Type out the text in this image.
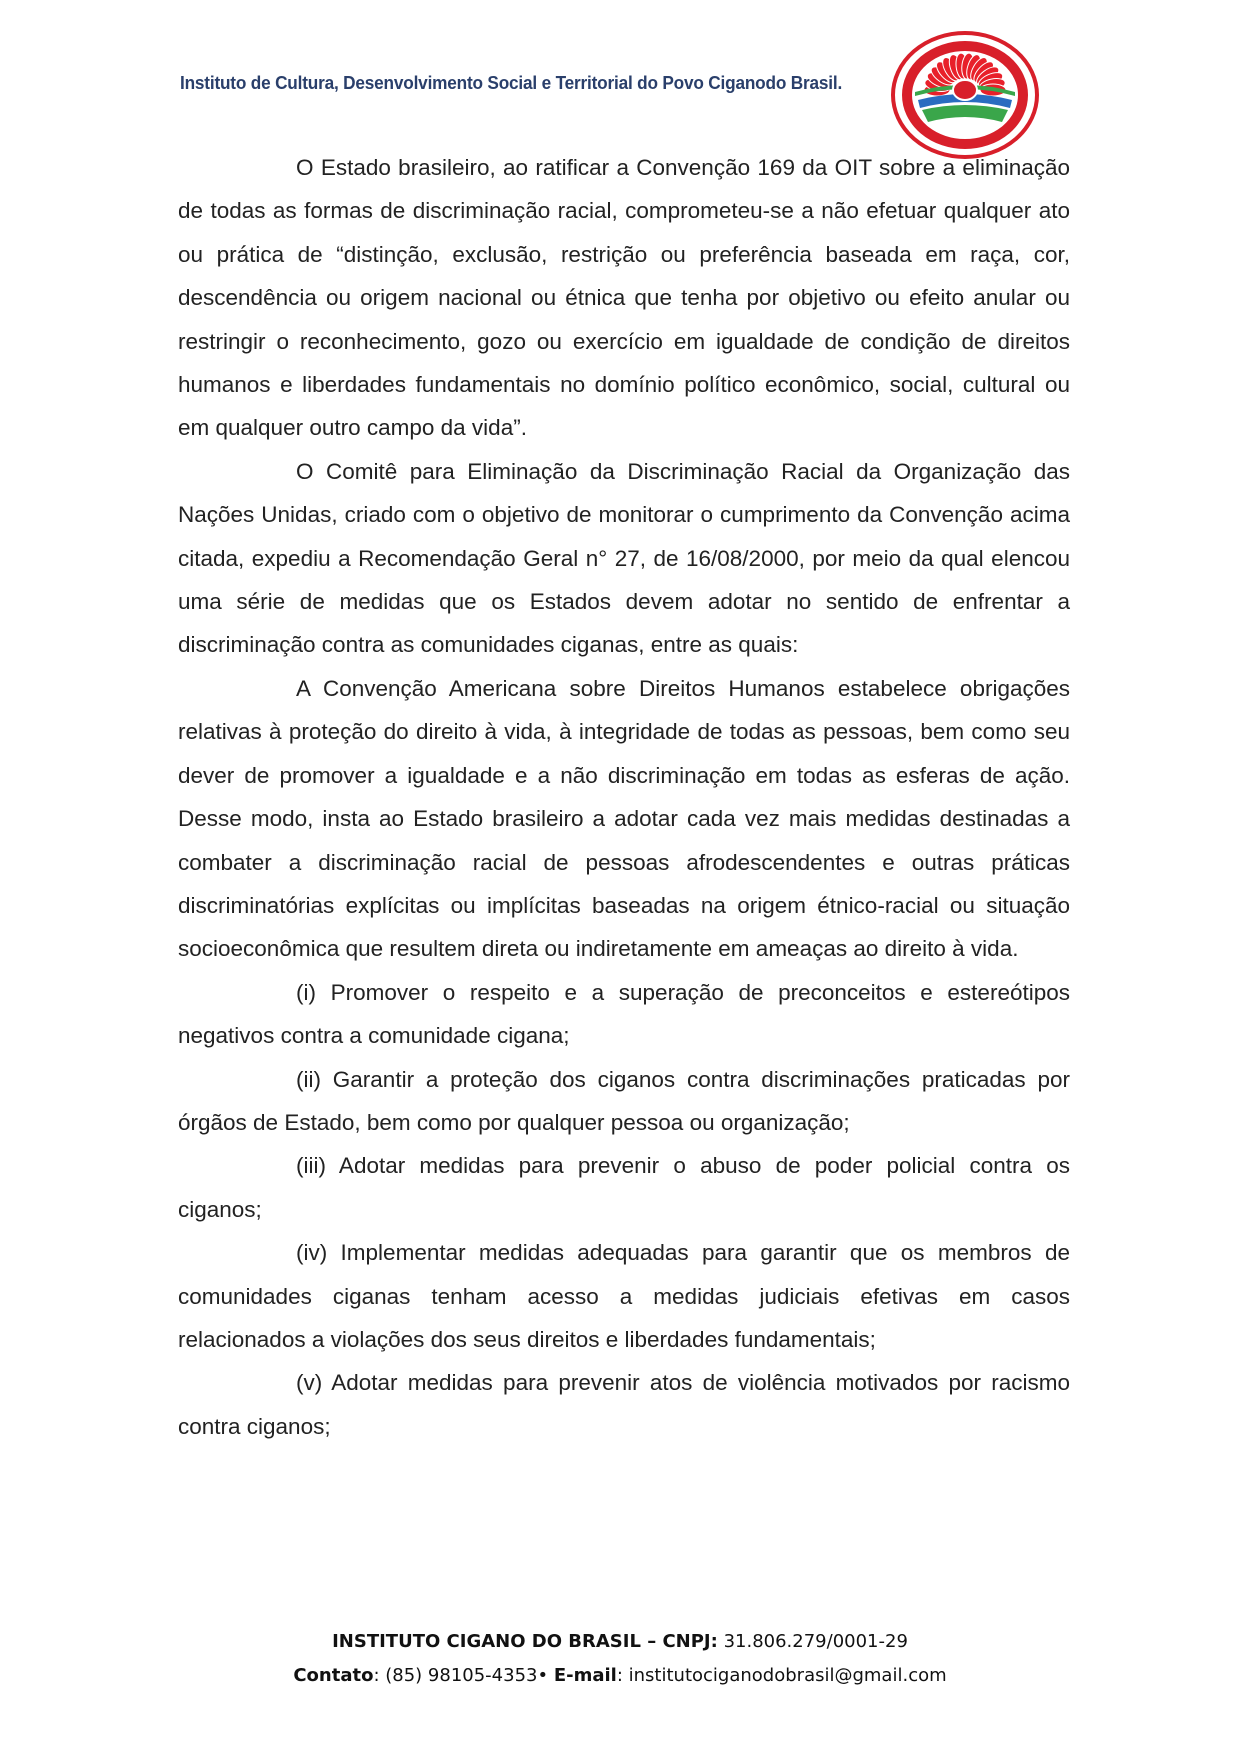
Instituto de Cultura, Desenvolvimento Social e Territorial do Povo Ciganodo Brasil.

O Estado brasileiro, ao ratificar a Convenção 169 da OIT sobre a eliminação de todas as formas de discriminação racial, comprometeu-se a não efetuar qualquer ato ou prática de “distinção, exclusão, restrição ou preferência baseada em raça, cor, descendência ou origem nacional ou étnica que tenha por objetivo ou efeito anular ou restringir o reconhecimento, gozo ou exercício em igualdade de condição de direitos humanos e liberdades fundamentais no domínio político econômico, social, cultural ou em qualquer outro campo da vida”.

O Comitê para Eliminação da Discriminação Racial da Organização das Nações Unidas, criado com o objetivo de monitorar o cumprimento da Convenção acima citada, expediu a Recomendação Geral n° 27, de 16/08/2000, por meio da qual elencou uma série de medidas que os Estados devem adotar no sentido de enfrentar a discriminação contra as comunidades ciganas, entre as quais:

A Convenção Americana sobre Direitos Humanos estabelece obrigações relativas à proteção do direito à vida, à integridade de todas as pessoas, bem como seu dever de promover a igualdade e a não discriminação em todas as esferas de ação. Desse modo, insta ao Estado brasileiro a adotar cada vez mais medidas destinadas a combater a discriminação racial de pessoas afrodescendentes e outras práticas discriminatórias explícitas ou implícitas baseadas na origem étnico-racial ou situação socioeconômica que resultem direta ou indiretamente em ameaças ao direito à vida.

(i) Promover o respeito e a superação de preconceitos e estereótipos negativos contra a comunidade cigana;

(ii) Garantir a proteção dos ciganos contra discriminações praticadas por órgãos de Estado, bem como por qualquer pessoa ou organização;

(iii) Adotar medidas para prevenir o abuso de poder policial contra os ciganos;

(iv) Implementar medidas adequadas para garantir que os membros de comunidades ciganas tenham acesso a medidas judiciais efetivas em casos relacionados a violações dos seus direitos e liberdades fundamentais;

(v) Adotar medidas para prevenir atos de violência motivados por racismo contra ciganos;

INSTITUTO CIGANO DO BRASIL – CNPJ: 31.806.279/0001-29
Contato: (85) 98105-4353• E-mail: institutociganodobrasil@gmail.com
